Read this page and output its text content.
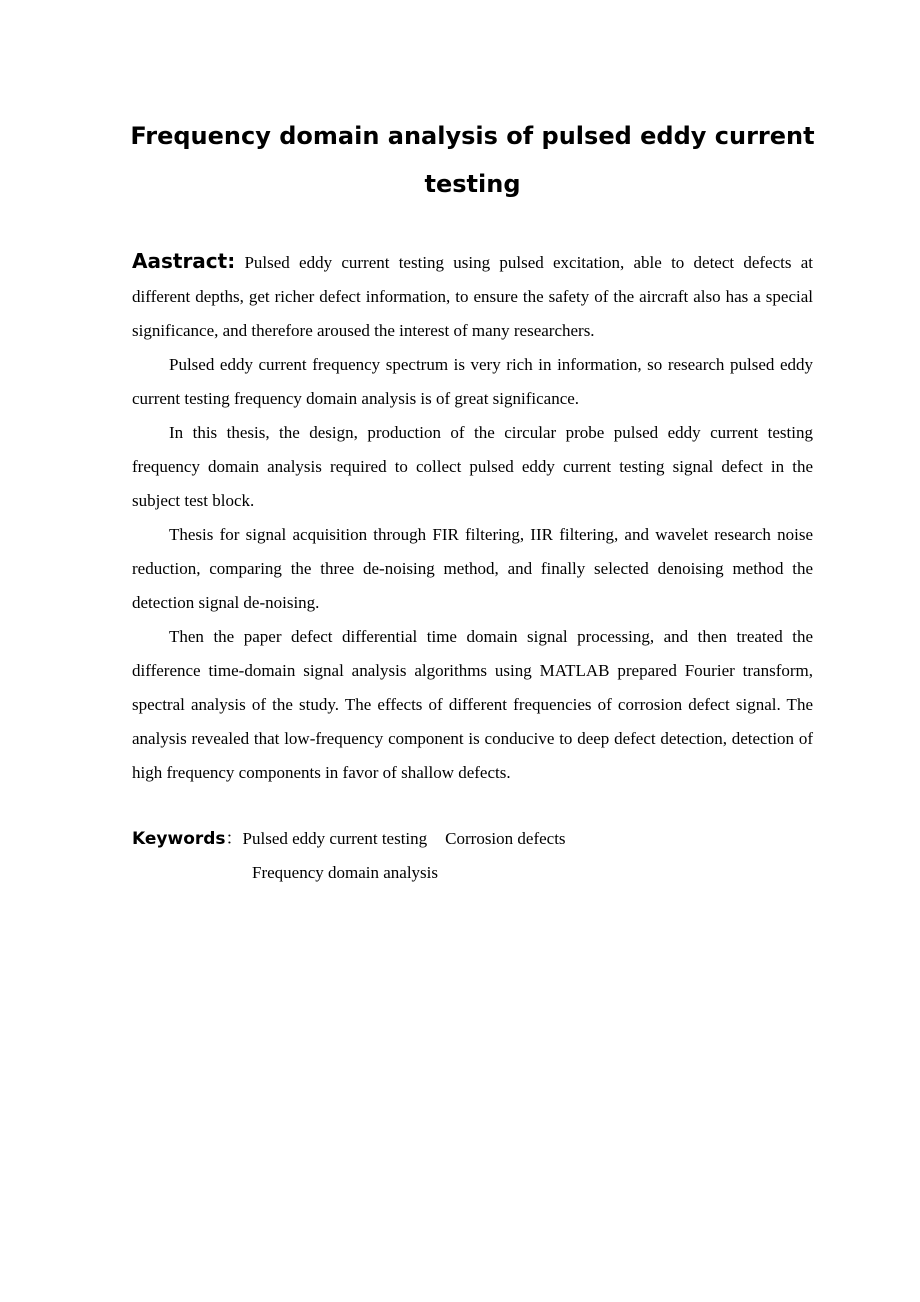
Frequency domain analysis of pulsed eddy current testing

Aastract: Pulsed eddy current testing using pulsed excitation, able to detect defects at different depths, get richer defect information, to ensure the safety of the aircraft also has a special significance, and therefore aroused the interest of many researchers.

Pulsed eddy current frequency spectrum is very rich in information, so research pulsed eddy current testing frequency domain analysis is of great significance.

In this thesis, the design, production of the circular probe pulsed eddy current testing frequency domain analysis required to collect pulsed eddy current testing signal defect in the subject test block.

Thesis for signal acquisition through FIR filtering, IIR filtering, and wavelet research noise reduction, comparing the three de-noising method, and finally selected denoising method the detection signal de-noising.

Then the paper defect differential time domain signal processing, and then treated the difference time-domain signal analysis algorithms using MATLAB prepared Fourier transform, spectral analysis of the study. The effects of different frequencies of corrosion defect signal. The analysis revealed that low-frequency component is conducive to deep defect detection, detection of high frequency components in favor of shallow defects.

Keywords：Pulsed eddy current testing Corrosion defects
Frequency domain analysis
